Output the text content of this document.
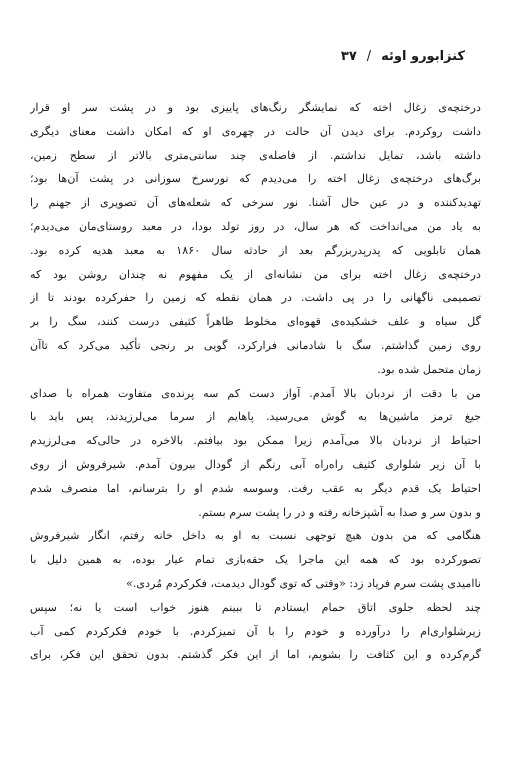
کنزابورو اوئه
/
۳۷
درختچه‌ی زغال اخته که نمایشگر رنگ‌های پاییزی بود و در پشت سر او قرار
داشت روکردم. برای دیدن آن حالت در چهره‌ی او که امکان داشت معنای دیگری
داشته باشد، تمایل نداشتم. از فاصله‌ی چند سانتی‌متری بالاتر از سطح زمین،
برگ‌های درختچه‌ی زغال اخته را می‌دیدم که نورسرخ سوزانی در پشت آن‌ها بود؛
تهدیدکننده و در عین حال آشنا. نور سرخی که شعله‌های آن تصویری از جهنم را
به یاد من می‌انداخت که هر سال، در روز تولد بودا، در معبد روستای‌مان می‌دیدم؛
همان تابلویی که پدرپدربزرگم بعد از حادثه سال ۱۸۶۰ به معبد هدیه کرده بود.
درختچه‌ی زغال اخته برای من نشانه‌ای از یک مفهوم نه چندان روشن بود که
تصمیمی ناگهانی را در پی داشت. در همان نقطه که زمین را حفرکرده بودند تا از
گل سیاه و علف خشکیده‌ی قهوه‌ای مخلوط ظاهراً کثیفی درست کنند، سگ را بر
روی زمین گذاشتم. سگ با شادمانی فرارکرد، گویی بر رنجی تأکید می‌کرد که تاآن
زمان متحمل شده بود.
من با دقت از نردبان بالا آمدم. آواز دست کم سه پرنده‌ی متفاوت همراه با صدای
جیغ ترمز ماشین‌ها به گوش می‌رسید. پاهایم از سرما می‌لرزیدند، پس باید با
احتیاط از نردبان بالا می‌آمدم زیرا ممکن بود بیافتم. بالاخره در حالی‌که می‌لرزیدم
با آن زیر شلواری کثیف راه‌راه آبی رنگم از گودال بیرون آمدم. شیرفروش از روی
احتیاط یک قدم دیگر به عقب رفت. وسوسه شدم او را بترسانم، اما منصرف شدم
و بدون سر و صدا به آشپزخانه رفته و در را پشت سرم بستم.
هنگامی که من بدون هیچ توجهی نسبت به او به داخل خانه رفتم، انگار شیرفروش
تصورکرده بود که همه این ماجرا یک حقه‌بازی تمام عیار بوده، به همین دلیل با
ناامیدی پشت سرم فریاد زد: «وقتی که توی گودال دیدمت، فکرکردم مُردی.»
چند لحظه جلوی اتاق حمام ایستادم تا ببینم هنوز خواب است یا نه؛ سپس
زیرشلواری‌ام را درآورده و خودم را با آن تمیزکردم. با خودم فکرکردم کمی آب
گرم‌کرده و این کثافت را بشویم، اما از این فکر گذشتم. بدون تحقق این فکر، برای
